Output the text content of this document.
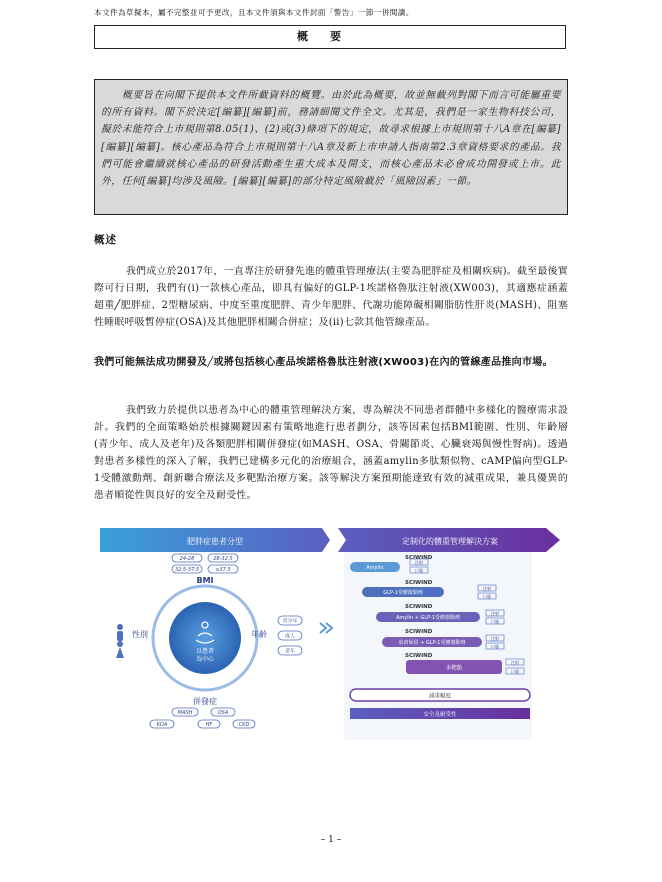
本文件為草擬本，屬不完整並可予更改，且本文件須與本文件封面「警告」一節一併閱讀。
概要

概要旨在向閣下提供本文件所載資料的概覽。由於此為概要，故並無載列對閣下而言可能屬重要的所有資料。閣下於決定[編纂][編纂]前，務請細閱文件全文。尤其是，我們是一家生物科技公司，擬於未能符合上市規則第8.05(1)、(2)或(3)條項下的規定，故尋求根據上市規則第十八A章在[編纂][編纂][編纂]。核心產品為符合上市規則第十八A章及新上市申請人指南第2.3章資格要求的產品。我們可能會繼續就核心產品的研發活動產生重大成本及開支，而核心產品未必會成功開發或上市。此外，任何[編纂]均涉及風險。[編纂][編纂]的部分特定風險載於「風險因素」一節。

概述

我們成立於2017年，一直專注於研發先進的體重管理療法(主要為肥胖症及相關疾病)。截至最後實際可行日期，我們有(i)一款核心產品，即具有偏好的GLP-1埃諾格魯肽注射液(XW003)，其適應症涵蓋超重╱肥胖症、2型糖尿病、中度至重度肥胖、青少年肥胖、代謝功能障礙相關脂肪性肝炎(MASH)、阻塞性睡眠呼吸暫停症(OSA)及其他肥胖相關合併症；及(ii)七款其他管線產品。

我們可能無法成功開發及╱或將包括核心產品埃諾格魯肽注射液(XW003)在內的管線產品推向市場。

我們致力於提供以患者為中心的體重管理解決方案，專為解決不同患者群體中多樣化的醫療需求設計。我們的全面策略始於根據關鍵因素有策略地進行患者劃分，該等因素包括BMI範圍、性別、年齡層(青少年、成人及老年)及各類肥胖相關併發症(如MASH、OSA、骨關節炎、心臟衰竭與慢性腎病)。透過對患者多樣性的深入了解，我們已建構多元化的治療組合，涵蓋amylin多肽類似物、cAMP偏向型GLP-1受體激動劑、創新聯合療法及多靶點治療方案。該等解決方案預期能達致有效的減重成果，兼具優異的患者順從性與良好的安全及耐受性。

肥胖症患者分型	定制化的體重管理解決方案
24-28	28-32.5
32.5-37.5	≥37.5
BMI
以患者
為中心
性別	年齡
青少年
成人
老年
併發症
MASH	OSA
KOA	HF	CKD
SCIWIND
Amylin
注射
口服
SCIWIND
GLP-1受體激動劑
注射
口服
SCIWIND
Amylin + GLP-1受體激動劑
注射
口服
SCIWIND
肌肉保留 + GLP-1受體激動劑
注射
口服
SCIWIND
多靶點
注射
口服
減重幅度
安全及耐受性
– 1 –
